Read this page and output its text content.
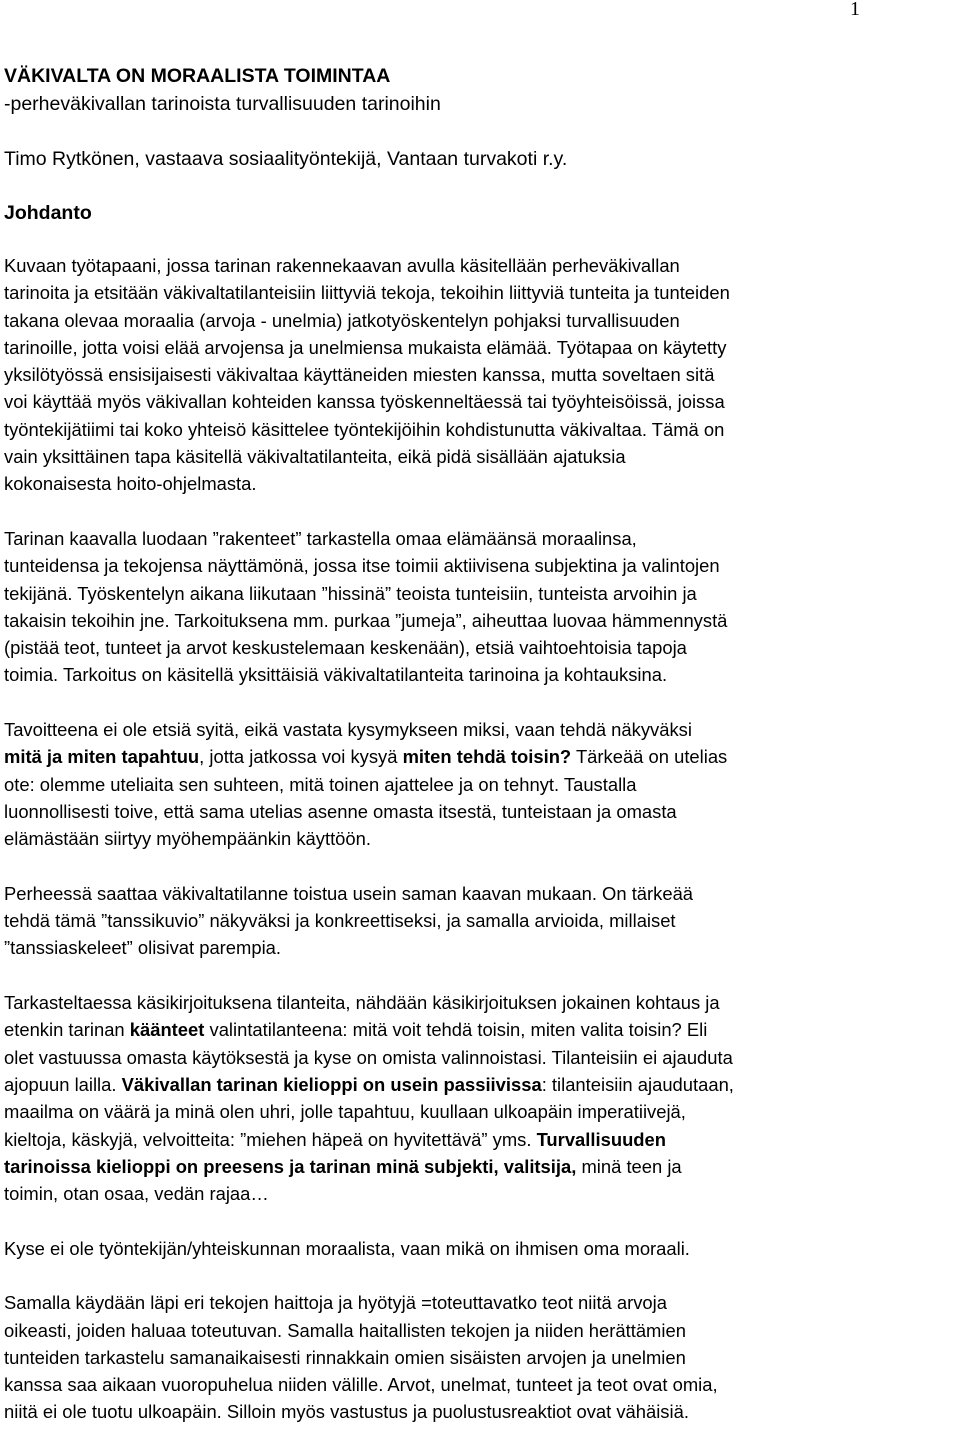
1
VÄKIVALTA ON MORAALISTA TOIMINTAA
-perheväkivallan tarinoista turvallisuuden tarinoihin
Timo Rytkönen, vastaava sosiaalityöntekijä, Vantaan turvakoti r.y.
Johdanto
Kuvaan työtapaani, jossa tarinan rakennekaavan avulla käsitellään perheväkivallan
tarinoita ja etsitään väkivaltatilanteisiin liittyviä tekoja, tekoihin liittyviä tunteita ja tunteiden
takana olevaa moraalia (arvoja - unelmia) jatkotyöskentelyn pohjaksi turvallisuuden
tarinoille, jotta voisi elää arvojensa ja unelmiensa mukaista elämää. Työtapaa on käytetty
yksilötyössä ensisijaisesti väkivaltaa käyttäneiden miesten kanssa, mutta soveltaen sitä
voi käyttää myös väkivallan kohteiden kanssa työskenneltäessä tai työyhteisöissä, joissa
työntekijätiimi tai koko yhteisö käsittelee työntekijöihin kohdistunutta väkivaltaa. Tämä on
vain yksittäinen tapa käsitellä väkivaltatilanteita, eikä pidä sisällään ajatuksia
kokonaisesta hoito-ohjelmasta.
Tarinan kaavalla luodaan ”rakenteet” tarkastella omaa elämäänsä moraalinsa,
tunteidensa ja tekojensa näyttämönä, jossa itse toimii aktiivisena subjektina ja valintojen
tekijänä. Työskentelyn aikana liikutaan ”hissinä” teoista tunteisiin, tunteista arvoihin ja
takaisin tekoihin jne. Tarkoituksena mm. purkaa ”jumeja”, aiheuttaa luovaa hämmennystä
(pistää teot, tunteet ja arvot keskustelemaan keskenään), etsiä vaihtoehtoisia tapoja
toimia. Tarkoitus on käsitellä yksittäisiä väkivaltatilanteita tarinoina ja kohtauksina.
Tavoitteena ei ole etsiä syitä, eikä vastata kysymykseen miksi, vaan tehdä näkyväksi
mitä ja miten tapahtuu, jotta jatkossa voi kysyä miten tehdä toisin? Tärkeää on utelias
ote: olemme uteliaita sen suhteen, mitä toinen ajattelee ja on tehnyt. Taustalla
luonnollisesti toive, että sama utelias asenne omasta itsestä, tunteistaan ja omasta
elämästään siirtyy myöhempäänkin käyttöön.
Perheessä saattaa väkivaltatilanne toistua usein saman kaavan mukaan. On tärkeää
tehdä tämä ”tanssikuvio” näkyväksi ja konkreettiseksi, ja samalla arvioida, millaiset
”tanssiaskeleet” olisivat parempia.
Tarkasteltaessa käsikirjoituksena tilanteita, nähdään käsikirjoituksen jokainen kohtaus ja
etenkin tarinan käänteet valintatilanteena: mitä voit tehdä toisin, miten valita toisin? Eli
olet vastuussa omasta käytöksestä ja kyse on omista valinnoistasi. Tilanteisiin ei ajauduta
ajopuun lailla. Väkivallan tarinan kielioppi on usein passiivissa: tilanteisiin ajaudutaan,
maailma on väärä ja minä olen uhri, jolle tapahtuu, kuullaan ulkoapäin imperatiivejä,
kieltoja, käskyjä, velvoitteita: ”miehen häpeä on hyvitettävä” yms. Turvallisuuden
tarinoissa kielioppi on preesens ja tarinan minä subjekti, valitsija, minä teen ja
toimin, otan osaa, vedän rajaa…
Kyse ei ole työntekijän/yhteiskunnan moraalista, vaan mikä on ihmisen oma moraali.
Samalla käydään läpi eri tekojen haittoja ja hyötyjä =toteuttavatko teot niitä arvoja
oikeasti, joiden haluaa toteutuvan. Samalla haitallisten tekojen ja niiden herättämien
tunteiden tarkastelu samanaikaisesti rinnakkain omien sisäisten arvojen ja unelmien
kanssa saa aikaan vuoropuhelua niiden välille. Arvot, unelmat, tunteet ja teot ovat omia,
niitä ei ole tuotu ulkoapäin. Silloin myös vastustus ja puolustusreaktiot ovat vähäisiä.
